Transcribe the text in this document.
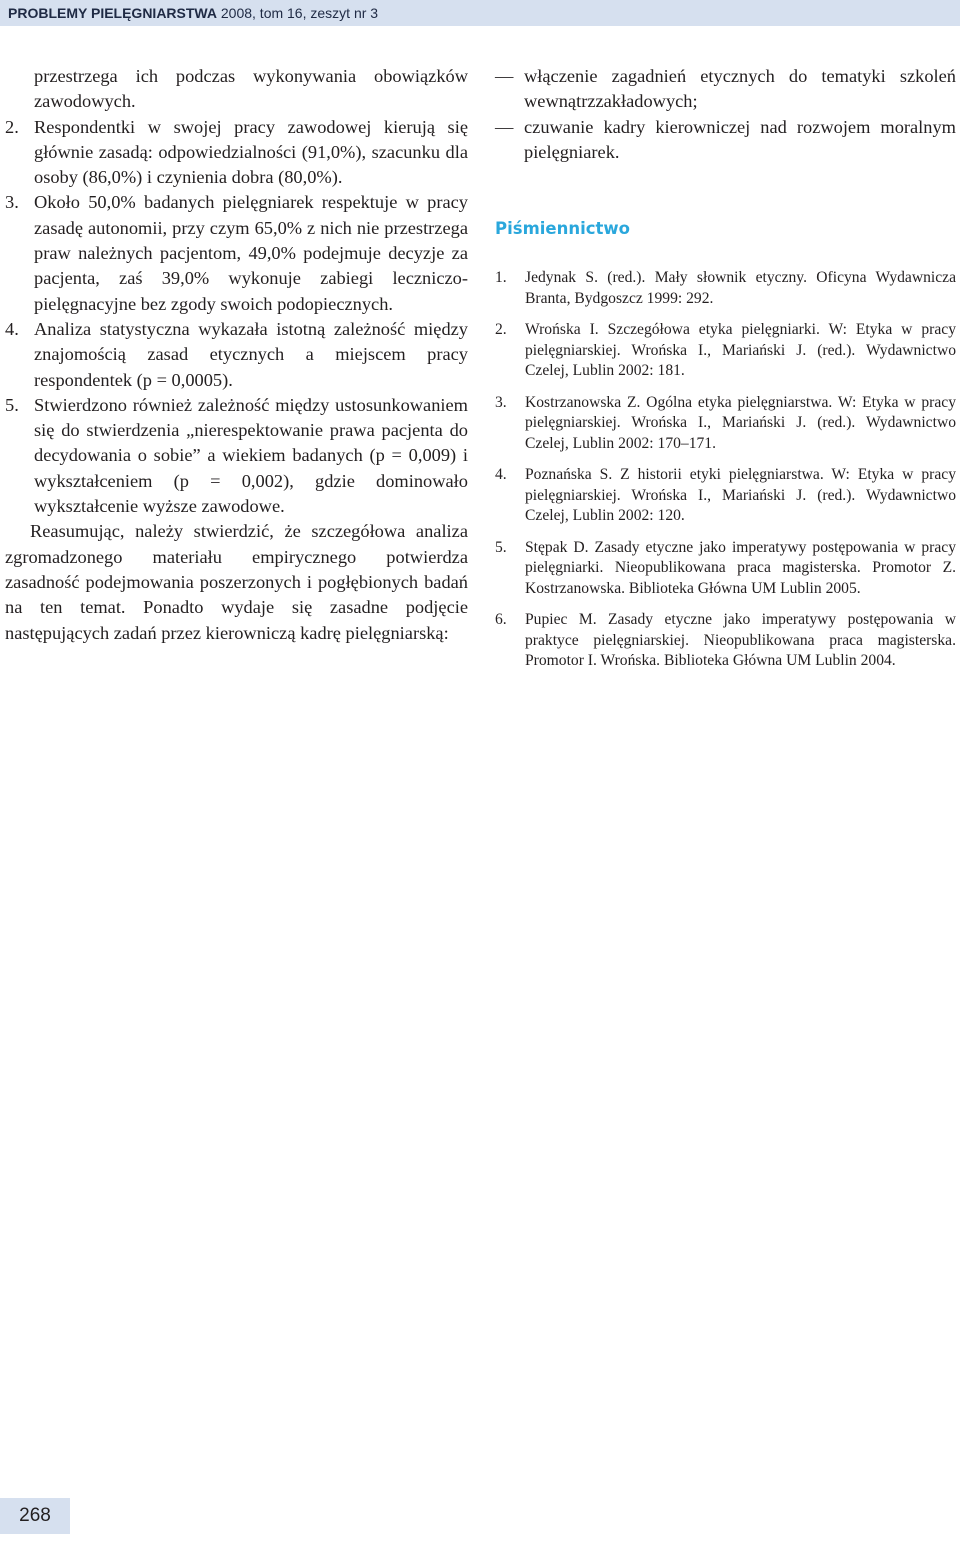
PROBLEMY PIELĘGNIARSTWA 2008, tom 16, zeszyt nr 3

przestrzega ich podczas wykonywania obowiązków zawodowych.

2. Respondentki w swojej pracy zawodowej kierują się głównie zasadą: odpowiedzialności (91,0%), szacunku dla osoby (86,0%) i czynienia dobra (80,0%).

3. Około 50,0% badanych pielęgniarek respektuje w pracy zasadę autonomii, przy czym 65,0% z nich nie przestrzega praw należnych pacjentom, 49,0% podejmuje decyzje za pacjenta, zaś 39,0% wykonuje zabiegi leczniczo-pielęgnacyjne bez zgody swoich podopiecznych.

4. Analiza statystyczna wykazała istotną zależność między znajomością zasad etycznych a miejscem pracy respondentek (p = 0,0005).

5. Stwierdzono również zależność między ustosunkowaniem się do stwierdzenia „nierespektowanie prawa pacjenta do decydowania o sobie” a wiekiem badanych (p = 0,009) i wykształceniem (p = 0,002), gdzie dominowało wykształcenie wyższe zawodowe.

Reasumując, należy stwierdzić, że szczegółowa analiza zgromadzonego materiału empirycznego potwierdza zasadność podejmowania poszerzonych i pogłębionych badań na ten temat. Ponadto wydaje się zasadne podjęcie następujących zadań przez kierowniczą kadrę pielęgniarską:

— włączenie zagadnień etycznych do tematyki szkoleń wewnątrzzakładowych;
— czuwanie kadry kierowniczej nad rozwojem moralnym pielęgniarek.
Piśmiennictwo
1. Jedynak S. (red.). Mały słownik etyczny. Oficyna Wydawnicza Branta, Bydgoszcz 1999: 292.
2. Wrońska I. Szczegółowa etyka pielęgniarki. W: Etyka w pracy pielęgniarskiej. Wrońska I., Mariański J. (red.). Wydawnictwo Czelej, Lublin 2002: 181.
3. Kostrzanowska Z. Ogólna etyka pielęgniarstwa. W: Etyka w pracy pielęgniarskiej. Wrońska I., Mariański J. (red.). Wydawnictwo Czelej, Lublin 2002: 170–171.
4. Poznańska S. Z historii etyki pielęgniarstwa. W: Etyka w pracy pielęgniarskiej. Wrońska I., Mariański J. (red.). Wydawnictwo Czelej, Lublin 2002: 120.
5. Stępak D. Zasady etyczne jako imperatywy postępowania w pracy pielęgniarki. Nieopublikowana praca magisterska. Promotor Z. Kostrzanowska. Biblioteka Główna UM Lublin 2005.
6. Pupiec M. Zasady etyczne jako imperatywy postępowania w praktyce pielęgniarskiej. Nieopublikowana praca magisterska. Promotor I. Wrońska. Biblioteka Główna UM Lublin 2004.
268
